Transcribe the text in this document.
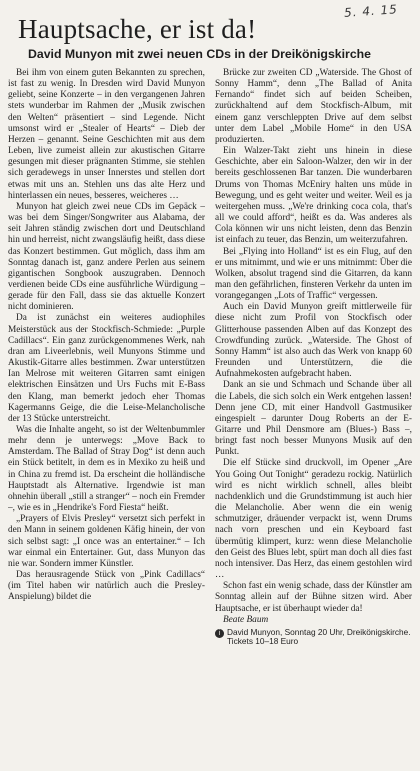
5. 4. 15
Hauptsache, er ist da!
David Munyon mit zwei neuen CDs in der Dreikönigskirche

Bei ihm von einem guten Bekannten zu sprechen, ist fast zu wenig. In Dresden wird David Munyon geliebt, seine Konzerte – in den vergangenen Jahren stets wunderbar im Rahmen der „Musik zwischen den Welten“ präsentiert – sind Legende. Nicht umsonst wird er „Stealer of Hearts“ – Dieb der Herzen – genannt. Seine Geschichten mit aus dem Leben, live zumeist allein zur akustischen Gitarre gesungen mit dieser prägnanten Stimme, sie stehlen sich geradewegs in unser Innerstes und stellen dort etwas mit uns an. Stehlen uns das alte Herz und hinterlassen ein neues, besseres, weicheres …

Munyon hat gleich zwei neue CDs im Gepäck – was bei dem Singer/Songwriter aus Alabama, der seit Jahren ständig zwischen dort und Deutschland hin und herreist, nicht zwangsläufig heißt, dass diese das Konzert bestimmen. Gut möglich, dass ihm am Sonntag danach ist, ganz andere Perlen aus seinem gigantischen Songbook auszugraben. Dennoch verdienen beide CDs eine ausführliche Würdigung – gerade für den Fall, dass sie das aktuelle Konzert nicht dominieren.

Da ist zunächst ein weiteres audiophiles Meisterstück aus der Stockfisch-Schmiede: „Purple Cadillacs“. Ein ganz zurückgenommenes Werk, nah dran am Liveerlebnis, weil Munyons Stimme und Akustik-Gitarre alles bestimmen. Zwar unterstützen Ian Melrose mit weiteren Gitarren samt einigen elektrischen Einsätzen und Urs Fuchs mit E-Bass den Klang, man bemerkt jedoch eher Thomas Kagermanns Geige, die die Leise-Melancholische der 13 Stücke unterstreicht.

Was die Inhalte angeht, so ist der Weltenbummler mehr denn je unterwegs: „Move Back to Amsterdam. The Ballad of Stray Dog“ ist denn auch ein Stück betitelt, in dem es in Mexiko zu heiß und in China zu fremd ist. Da erscheint die holländische Hauptstadt als Alternative. Irgendwie ist man ohnehin überall „still a stranger“ – noch ein Fremder –, wie es in „Hendrike's Ford Fiesta“ heißt.

„Prayers of Elvis Presley“ versetzt sich perfekt in den Mann in seinem goldenen Käfig hinein, der von sich selbst sagt: „I once was an entertainer.“ – Ich war einmal ein Entertainer. Gut, dass Munyon das nie war. Sondern immer Künstler.

Das herausragende Stück von „Pink Cadillacs“ (im Titel haben wir natürlich auch die Presley-Anspielung) bildet die

Brücke zur zweiten CD „Waterside. The Ghost of Sonny Hamm“, denn „The Ballad of Anita Fernando“ findet sich auf beiden Scheiben, zurückhaltend auf dem Stockfisch-Album, mit einem ganz verschleppten Drive auf dem selbst unter dem Label „Mobile Home“ in den USA produzierten.

Ein Walzer-Takt zieht uns hinein in diese Geschichte, aber ein Saloon-Walzer, den wir in der bereits geschlossenen Bar tanzen. Die wunderbaren Drums von Thomas McEniry halten uns müde in Bewegung, und es geht weiter und weiter. Weil es ja weitergehen muss. „We're drinking coca cola, that's all we could afford“, heißt es da. Was anderes als Cola können wir uns nicht leisten, denn das Benzin ist einfach zu teuer, das Benzin, um weiterzufahren.

Bei „Flying into Holland“ ist es ein Flug, auf den er uns mitnimmt, und wie er uns mitnimmt: Über die Wolken, absolut tragend sind die Gitarren, da kann man den gefährlichen, finsteren Verkehr da unten im vorangegangen „Lots of Traffic“ vergessen.

Auch ein David Munyon greift mittlerweile für diese nicht zum Profil von Stockfisch oder Glitterhouse passenden Alben auf das Konzept des Crowdfunding zurück. „Waterside. The Ghost of Sonny Hamm“ ist also auch das Werk von knapp 60 Freunden und Unterstützern, die die Aufnahmekosten aufgebracht haben.

Dank an sie und Schmach und Schande über all die Labels, die sich solch ein Werk entgehen lassen! Denn jene CD, mit einer Handvoll Gastmusiker eingespielt – darunter Doug Roberts an der E-Gitarre und Phil Densmore am (Blues-) Bass –, bringt fast noch besser Munyons Musik auf den Punkt.

Die elf Stücke sind druckvoll, im Opener „Are You Going Out Tonight“ geradezu rockig. Natürlich wird es nicht wirklich schnell, alles bleibt nachdenklich und die Grundstimmung ist auch hier die Melancholie. Aber wenn die ein wenig schmutziger, dräuender verpackt ist, wenn Drums nach vorn preschen und ein Keyboard fast übermütig klimpert, kurz: wenn diese Melancholie den Geist des Blues lebt, spürt man doch all dies fast noch intensiver. Das Herz, das einem gestohlen wird …

Schon fast ein wenig schade, dass der Künstler am Sonntag allein auf der Bühne sitzen wird. Aber Hauptsache, er ist überhaupt wieder da!

Beate Baum

i David Munyon, Sonntag 20 Uhr, Dreikönigskirche. Tickets 10–18 Euro
